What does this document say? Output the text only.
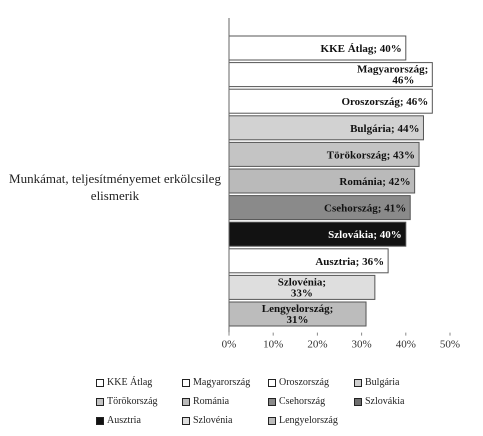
KKE Átlag; 40%
Magyarország; 46%
Oroszország; 46%
Bulgária; 44%
Törökország; 43%
Románia; 42%
Csehország; 41%
Szlovákia; 40%
Ausztria; 36%
Szlovénia; 33%
Lengyelország; 31%
0% 10% 20% 30% 40% 50%
Munkámat, teljesítményemet erkölcsileg elismerik
KKE Átlag	Magyarország	Oroszország	Bulgária
Törökország	Románia	Csehország	Szlovákia
Ausztria	Szlovénia	Lengyelország
